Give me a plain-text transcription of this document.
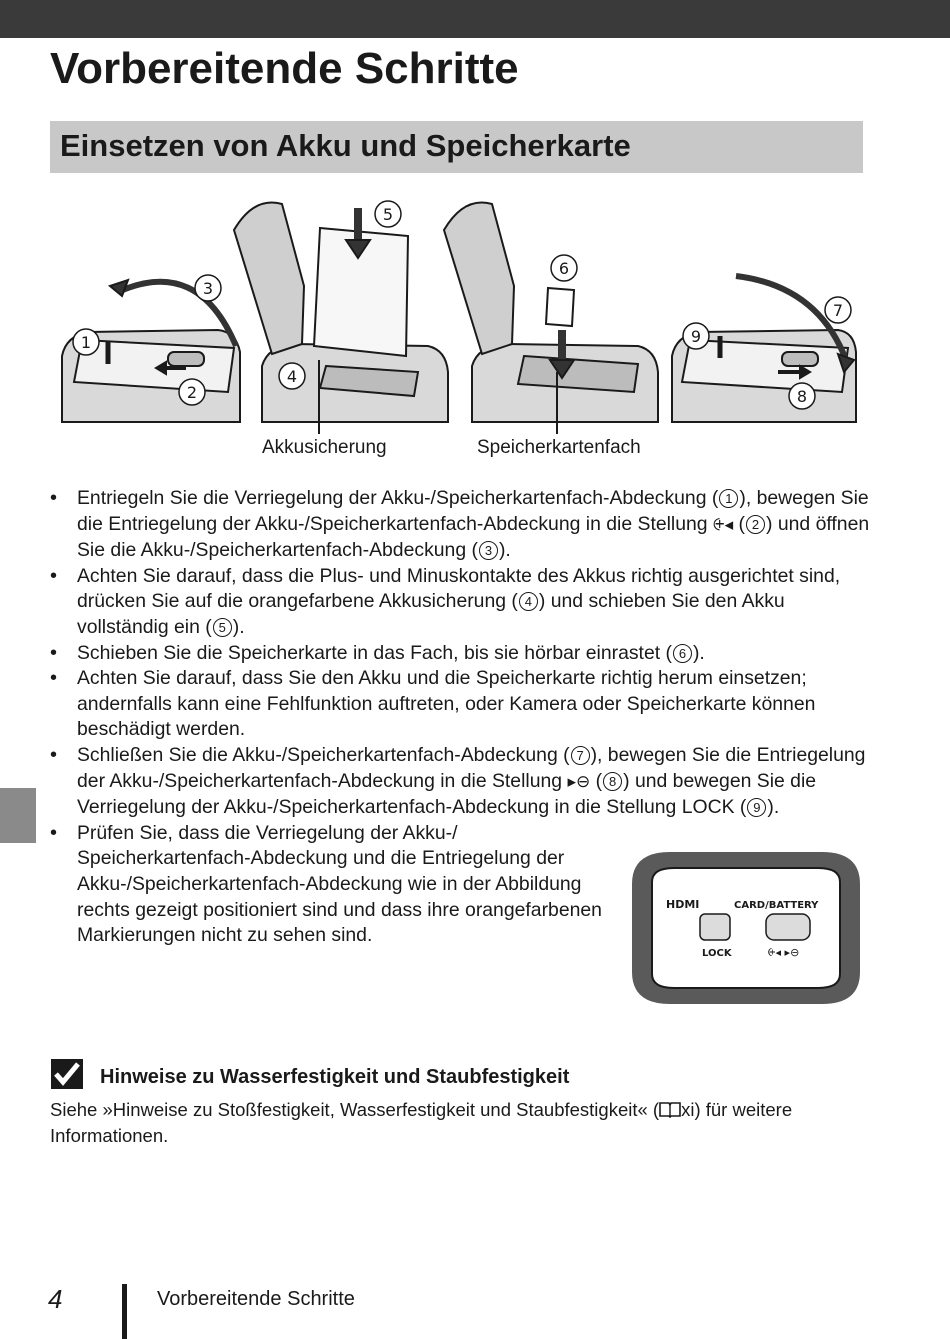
Vorbereitende Schritte
Einsetzen von Akku und Speicherkarte
1
2
3
4
5
6
7
8
9
Akkusicherung	Speicherkartenfach
• Entriegeln Sie die Verriegelung der Akku-/Speicherkartenfach-Abdeckung ( 1 ), bewegen Sie die Entriegelung der Akku-/Speicherkartenfach-Abdeckung in die Stellung ⨭◂ ( 2 ) und öffnen Sie die Akku-/Speicherkartenfach-Abdeckung ( 3 ).
• Achten Sie darauf, dass die Plus- und Minuskontakte des Akkus richtig ausgerichtet sind, drücken Sie auf die orangefarbene Akkusicherung ( 4 ) und schieben Sie den Akku vollständig ein ( 5 ).
• Schieben Sie die Speicherkarte in das Fach, bis sie hörbar einrastet ( 6 ).
• Achten Sie darauf, dass Sie den Akku und die Speicherkarte richtig herum einsetzen; andernfalls kann eine Fehlfunktion auftreten, oder Kamera oder Speicherkarte können beschädigt werden.
• Schließen Sie die Akku-/Speicherkartenfach-Abdeckung ( 7 ), bewegen Sie die Entriegelung der Akku-/Speicherkartenfach-Abdeckung in die Stellung ▸⊖ ( 8 ) und bewegen Sie die Verriegelung der Akku-/Speicherkartenfach-Abdeckung in die Stellung LOCK ( 9 ).
• Prüfen Sie, dass die Verriegelung der Akku-/ Speicherkartenfach-Abdeckung und die Entriegelung der Akku-/Speicherkartenfach-Abdeckung wie in der Abbildung rechts gezeigt positioniert sind und dass ihre orangefarbenen Markierungen nicht zu sehen sind.
HDMI	CARD/BATTERY
LOCK	⨭◂ ▸⊖
Hinweise zu Wasserfestigkeit und Staubfestigkeit

Siehe »Hinweise zu Stoßfestigkeit, Wasserfestigkeit und Staubfestigkeit« ( xi) für weitere Informationen.

4	Vorbereitende Schritte
